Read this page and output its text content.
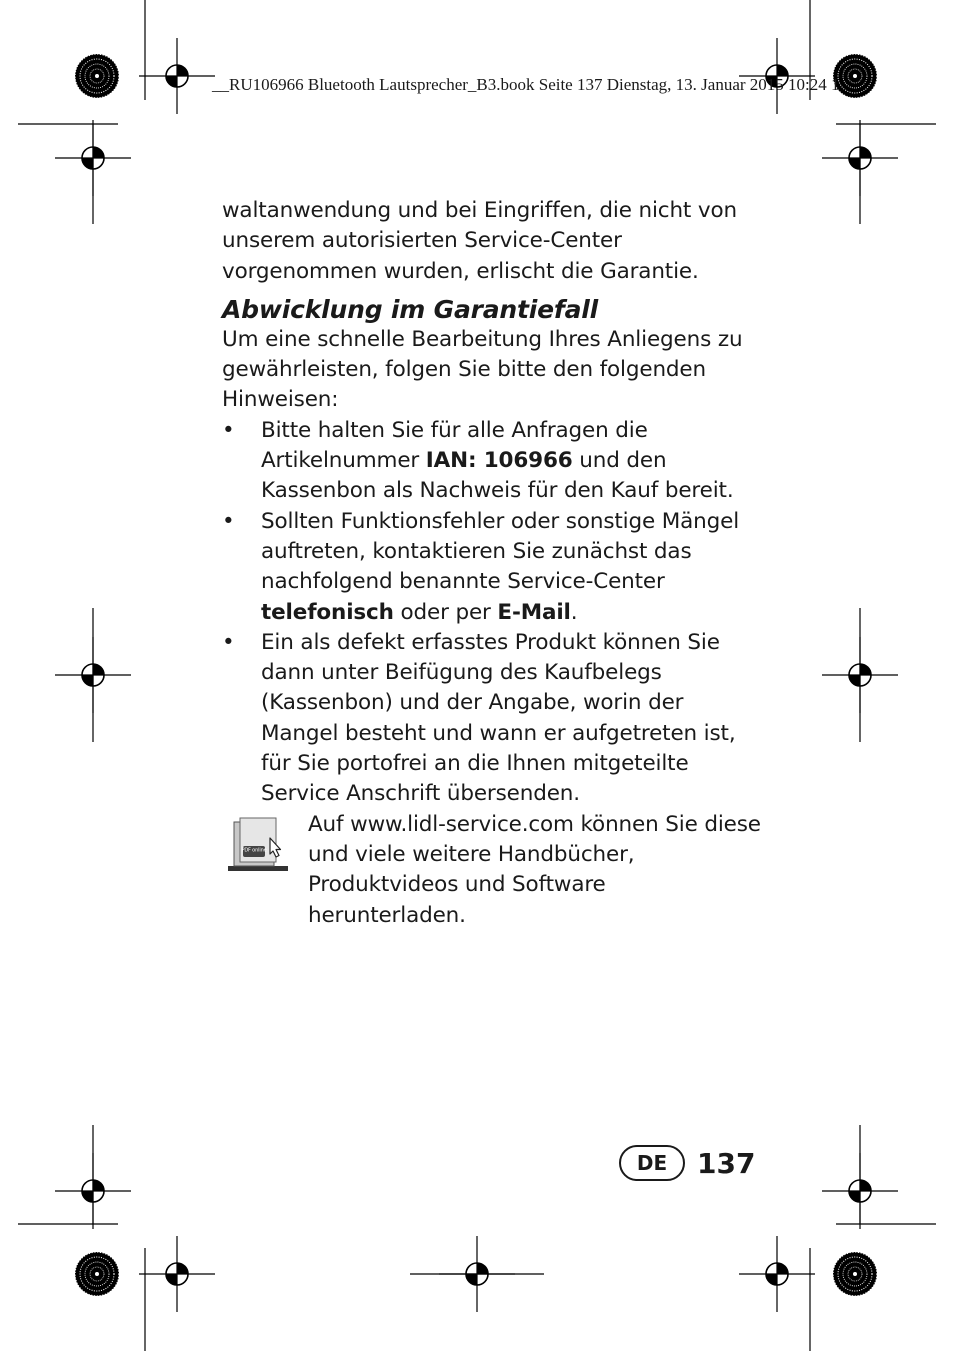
__RU106966 Bluetooth Lautsprecher_B3.book Seite 137 Dienstag, 13. Januar 2015 10:24 1

waltanwendung und bei Eingriffen, die nicht von unserem autorisierten Service-Center vorgenommen wurden, erlischt die Garantie.

Abwicklung im Garantiefall

Um eine schnelle Bearbeitung Ihres Anliegens zu gewährleisten, folgen Sie bitte den folgenden Hinweisen:

• Bitte halten Sie für alle Anfragen die Artikelnummer IAN: 106966 und den Kassenbon als Nachweis für den Kauf bereit.
• Sollten Funktionsfehler oder sonstige Mängel auftreten, kontaktieren Sie zunächst das nachfolgend benannte Service-Center telefonisch oder per E-Mail.
• Ein als defekt erfasstes Produkt können Sie dann unter Beifügung des Kaufbelegs (Kassenbon) und der Angabe, worin der Mangel besteht und wann er aufgetreten ist, für Sie portofrei an die Ihnen mitgeteilte Service Anschrift übersenden.
PDF online
Auf www.lidl-service.com können Sie diese und viele weitere Handbücher, Produktvideos und Software herunterladen.
DE 137
